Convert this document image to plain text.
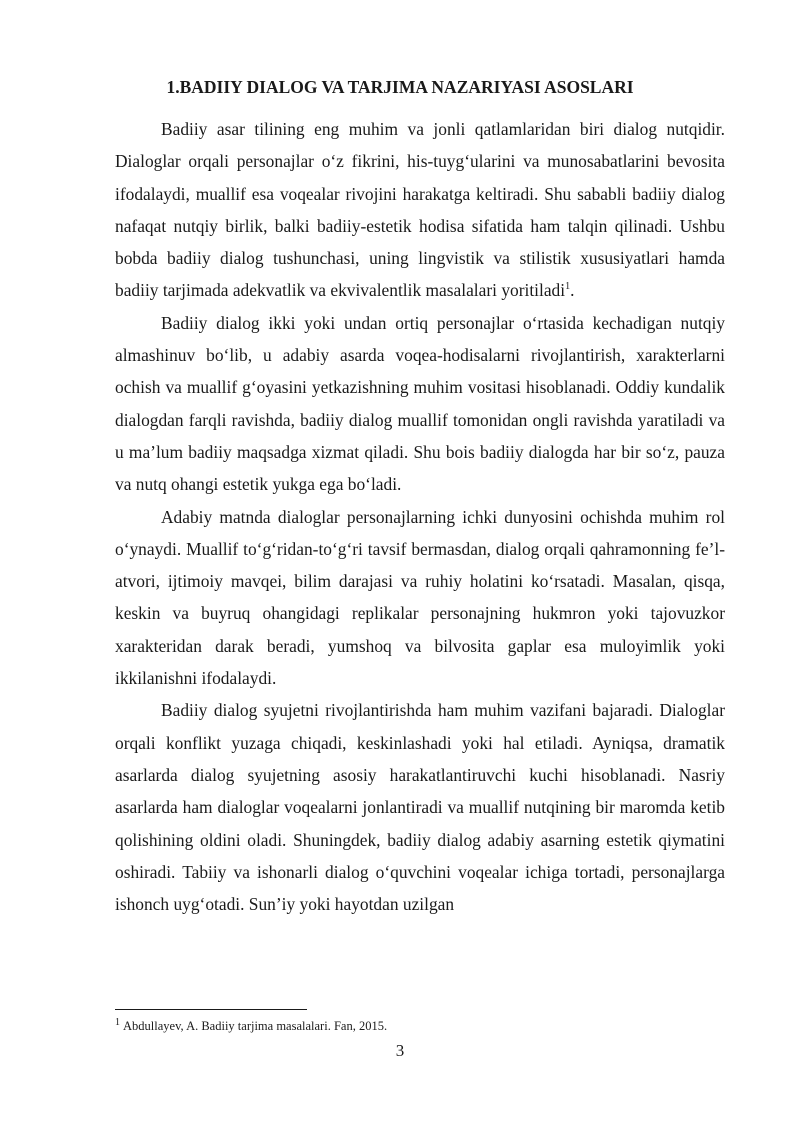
1.BADIIY DIALOG VA TARJIMA NAZARIYASI ASOSLARI

Badiiy asar tilining eng muhim va jonli qatlamlaridan biri dialog nutqidir. Dialoglar orqali personajlar o‘z fikrini, his-tuyg‘ularini va munosabatlarini bevosita ifodalaydi, muallif esa voqealar rivojini harakatga keltiradi. Shu sababli badiiy dialog nafaqat nutqiy birlik, balki badiiy-estetik hodisa sifatida ham talqin qilinadi. Ushbu bobda badiiy dialog tushunchasi, uning lingvistik va stilistik xususiyatlari hamda badiiy tarjimada adekvatlik va ekvivalentlik masalalari yoritiladi$^1$.

Badiiy dialog ikki yoki undan ortiq personajlar o‘rtasida kechadigan nutqiy almashinuv bo‘lib, u adabiy asarda voqea-hodisalarni rivojlantirish, xarakterlarni ochish va muallif g‘oyasini yetkazishning muhim vositasi hisoblanadi. Oddiy kundalik dialogdan farqli ravishda, badiiy dialog muallif tomonidan ongli ravishda yaratiladi va u ma’lum badiiy maqsadga xizmat qiladi. Shu bois badiiy dialogda har bir so‘z, pauza va nutq ohangi estetik yukga ega bo‘ladi.

Adabiy matnda dialoglar personajlarning ichki dunyosini ochishda muhim rol o‘ynaydi. Muallif to‘g‘ridan-to‘g‘ri tavsif bermasdan, dialog orqali qahramonning fe’l-atvori, ijtimoiy mavqei, bilim darajasi va ruhiy holatini ko‘rsatadi. Masalan, qisqa, keskin va buyruq ohangidagi replikalar personajning hukmron yoki tajovuzkor xarakteridan darak beradi, yumshoq va bilvosita gaplar esa muloyimlik yoki ikkilanishni ifodalaydi.

Badiiy dialog syujetni rivojlantirishda ham muhim vazifani bajaradi. Dialoglar orqali konflikt yuzaga chiqadi, keskinlashadi yoki hal etiladi. Ayniqsa, dramatik asarlarda dialog syujetning asosiy harakatlantiruvchi kuchi hisoblanadi. Nasriy asarlarda ham dialoglar voqealarni jonlantiradi va muallif nutqining bir maromda ketib qolishining oldini oladi. Shuningdek, badiiy dialog adabiy asarning estetik qiymatini oshiradi. Tabiiy va ishonarli dialog o‘quvchini voqealar ichiga tortadi, personajlarga ishonch uyg‘otadi. Sun’iy yoki hayotdan uzilgan

$^1$ Abdullayev, A. Badiiy tarjima masalalari. Fan, 2015.
3
